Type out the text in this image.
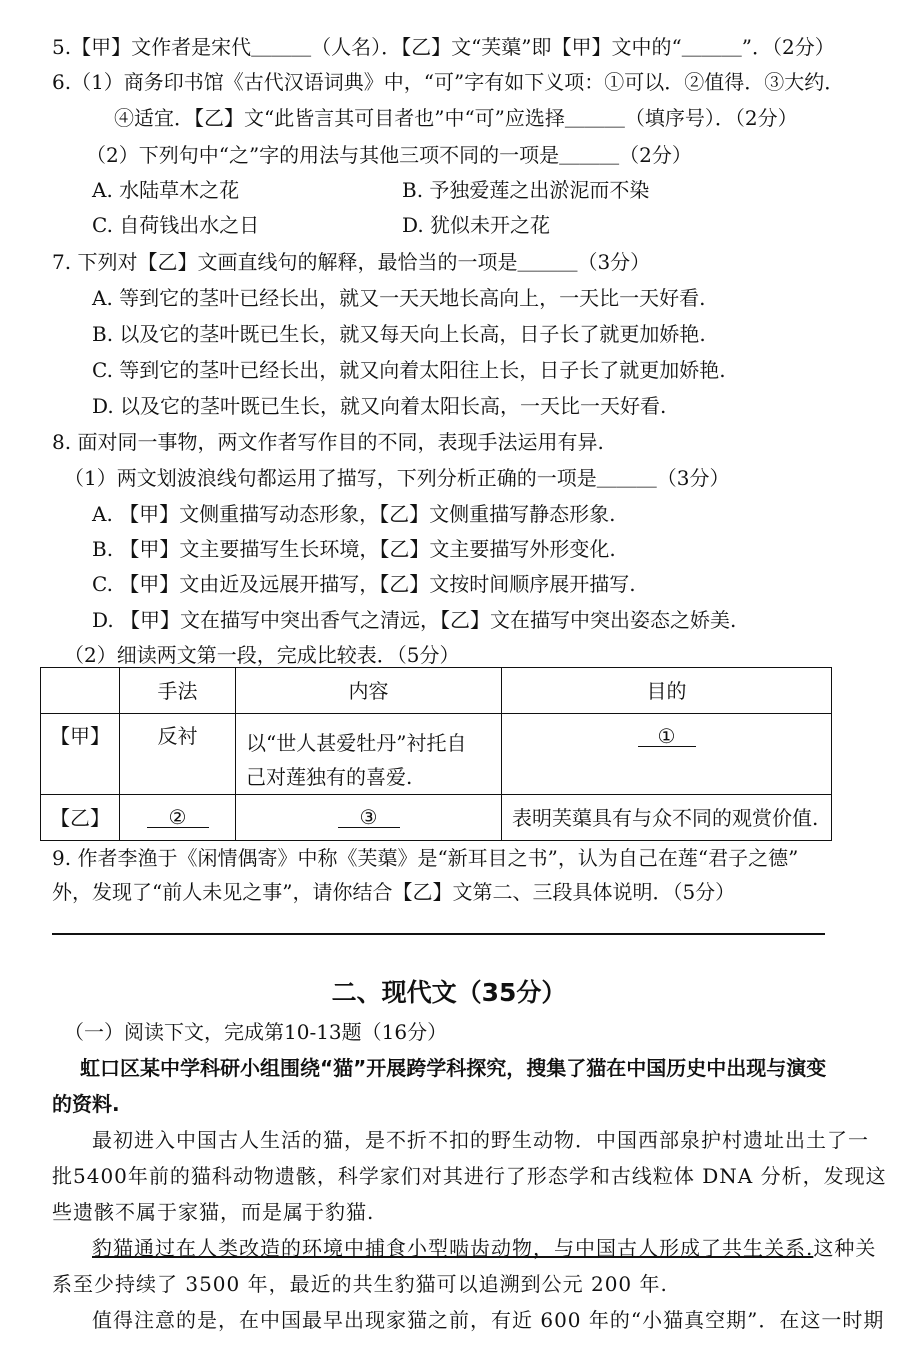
5.【甲】文作者是宋代＿＿＿（人名）．【乙】文“芙蕖”即【甲】文中的“＿＿＿”．（2分）
6.（1）商务印书馆《古代汉语词典》中，“可”字有如下义项：①可以．②值得．③大约．
④适宜．【乙】文“此皆言其可目者也”中“可”应选择＿＿＿（填序号）．（2分）
（2）下列句中“之”字的用法与其他三项不同的一项是＿＿＿（2分）
A. 水陆草木之花	B. 予独爱莲之出淤泥而不染
C. 自荷钱出水之日	D. 犹似未开之花
7. 下列对【乙】文画直线句的解释，最恰当的一项是＿＿＿（3分）
A. 等到它的茎叶已经长出，就又一天天地长高向上，一天比一天好看.
B. 以及它的茎叶既已生长，就又每天向上长高，日子长了就更加娇艳.
C. 等到它的茎叶已经长出，就又向着太阳往上长，日子长了就更加娇艳.
D. 以及它的茎叶既已生长，就又向着太阳长高，一天比一天好看.
8. 面对同一事物，两文作者写作目的不同，表现手法运用有异.
（1）两文划波浪线句都运用了描写，下列分析正确的一项是＿＿＿（3分）
A. 【甲】文侧重描写动态形象，【乙】文侧重描写静态形象.
B. 【甲】文主要描写生长环境，【乙】文主要描写外形变化.
C. 【甲】文由近及远展开描写，【乙】文按时间顺序展开描写.
D. 【甲】文在描写中突出香气之清远，【乙】文在描写中突出姿态之娇美.
（2）细读两文第一段，完成比较表．（5分）
	手法	内容	目的
【甲】	反衬	以“世人甚爱牡丹”衬托自
己对莲独有的喜爱.	①
【乙】	②	③	表明芙蕖具有与众不同的观赏价值.
9. 作者李渔于《闲情偶寄》中称《芙蕖》是“新耳目之书”，认为自己在莲“君子之德”
外，发现了“前人未见之事”，请你结合【乙】文第二、三段具体说明．（5分）
二、现代文（35分）
（一）阅读下文，完成第10-13题（16分）
虹口区某中学科研小组围绕“猫”开展跨学科探究，搜集了猫在中国历史中出现与演变
的资料.
最初进入中国古人生活的猫，是不折不扣的野生动物．中国西部泉护村遗址出土了一
批5400年前的猫科动物遗骸，科学家们对其进行了形态学和古线粒体 DNA 分析，发现这
些遗骸不属于家猫，而是属于豹猫.
豹猫通过在人类改造的环境中捕食小型啮齿动物，与中国古人形成了共生关系.这种关
系至少持续了 3500 年，最近的共生豹猫可以追溯到公元 200 年.
值得注意的是，在中国最早出现家猫之前，有近 600 年的“小猫真空期”．在这一时期
